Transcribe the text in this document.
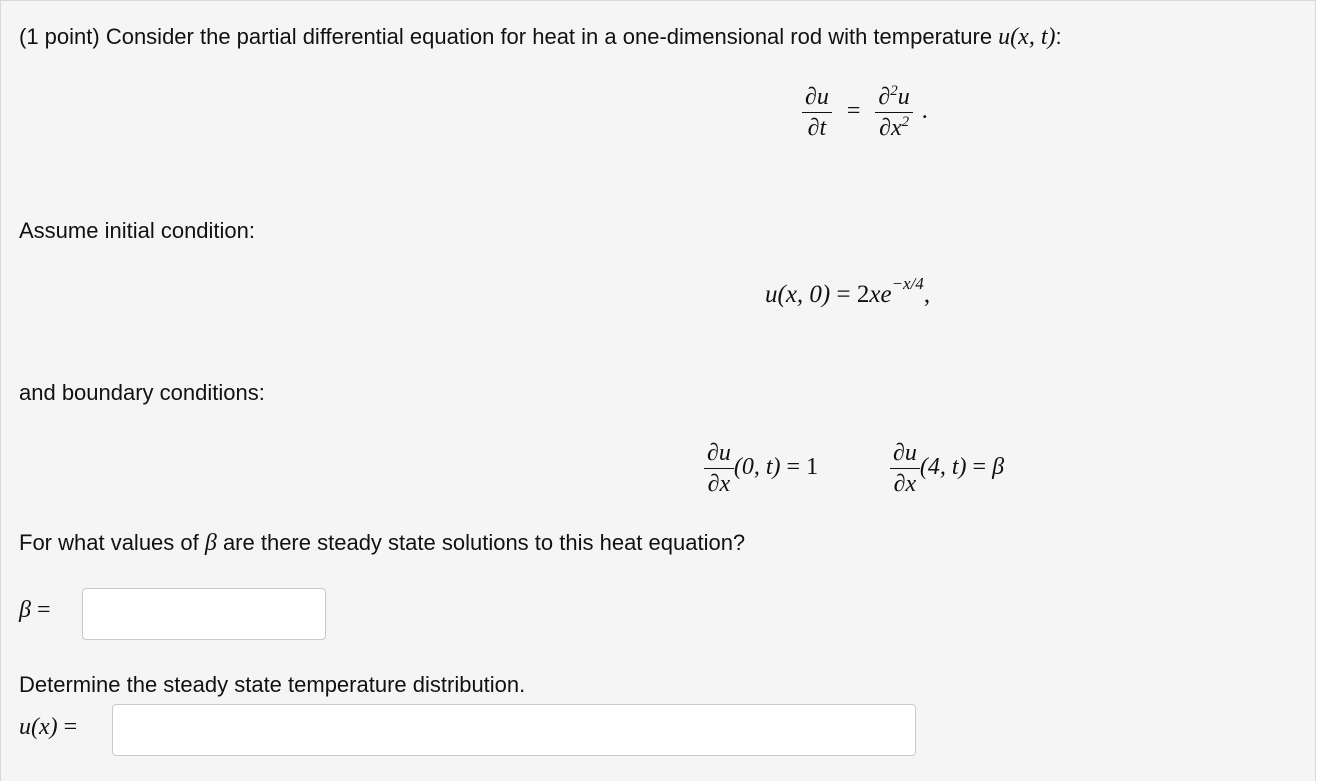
(1 point) Consider the partial differential equation for heat in a one-dimensional rod with temperature u(x, t):
$\frac{\partial u}{\partial t} = \frac{\partial^2u}{\partial x^2}$ .
Assume initial condition:
u(x, $0) = 2xe^{-x/4}$,
and boundary conditions:
$\frac{\partial u}{\partial x} (0$, t) = 1	$\frac{\partial u}{\partial x} (4$, t) = β
For what values of β are there steady state solutions to this heat equation?
β =
Determine the steady state temperature distribution.
u(x) =
